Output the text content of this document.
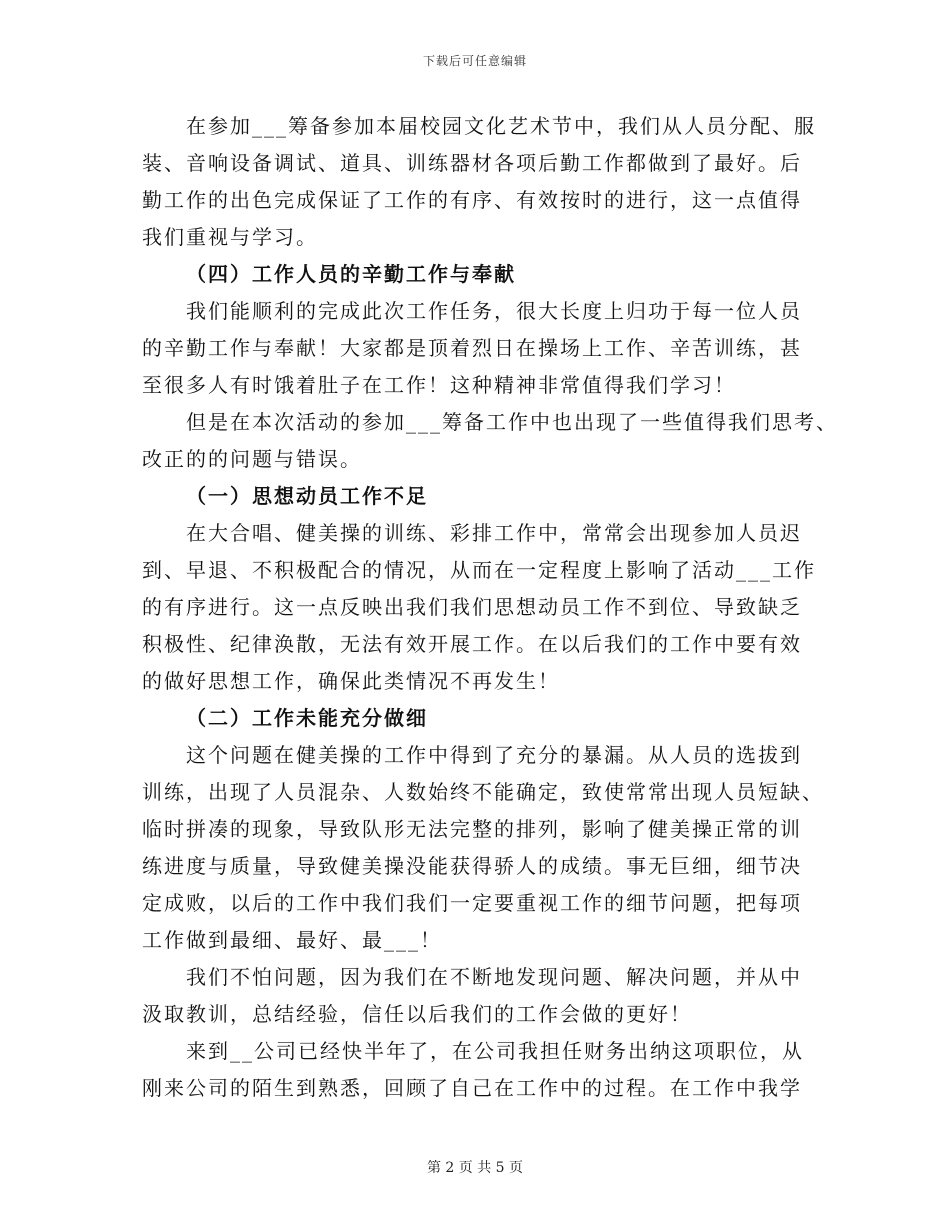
下载后可任意编辑
在参加___筹备参加本届校园文化艺术节中，我们从人员分配、服
装、音响设备调试、道具、训练器材各项后勤工作都做到了最好。后
勤工作的出色完成保证了工作的有序、有效按时的进行，这一点值得
我们重视与学习。
（四）工作人员的辛勤工作与奉献
我们能顺利的完成此次工作任务，很大长度上归功于每一位人员
的辛勤工作与奉献！大家都是顶着烈日在操场上工作、辛苦训练，甚
至很多人有时饿着肚子在工作！这种精神非常值得我们学习！
但是在本次活动的参加___筹备工作中也出现了一些值得我们思考、
改正的的问题与错误。
（一）思想动员工作不足
在大合唱、健美操的训练、彩排工作中，常常会出现参加人员迟
到、早退、不积极配合的情况，从而在一定程度上影响了活动___工作
的有序进行。这一点反映出我们我们思想动员工作不到位、导致缺乏
积极性、纪律涣散，无法有效开展工作。在以后我们的工作中要有效
的做好思想工作，确保此类情况不再发生！
（二）工作未能充分做细
这个问题在健美操的工作中得到了充分的暴漏。从人员的选拔到
训练，出现了人员混杂、人数始终不能确定，致使常常出现人员短缺、
临时拼凑的现象，导致队形无法完整的排列，影响了健美操正常的训
练进度与质量，导致健美操没能获得骄人的成绩。事无巨细，细节决
定成败，以后的工作中我们我们一定要重视工作的细节问题，把每项
工作做到最细、最好、最___！
我们不怕问题，因为我们在不断地发现问题、解决问题，并从中
汲取教训，总结经验，信任以后我们的工作会做的更好！
来到__公司已经快半年了，在公司我担任财务出纳这项职位，从
刚来公司的陌生到熟悉，回顾了自己在工作中的过程。在工作中我学
第 2 页 共 5 页
